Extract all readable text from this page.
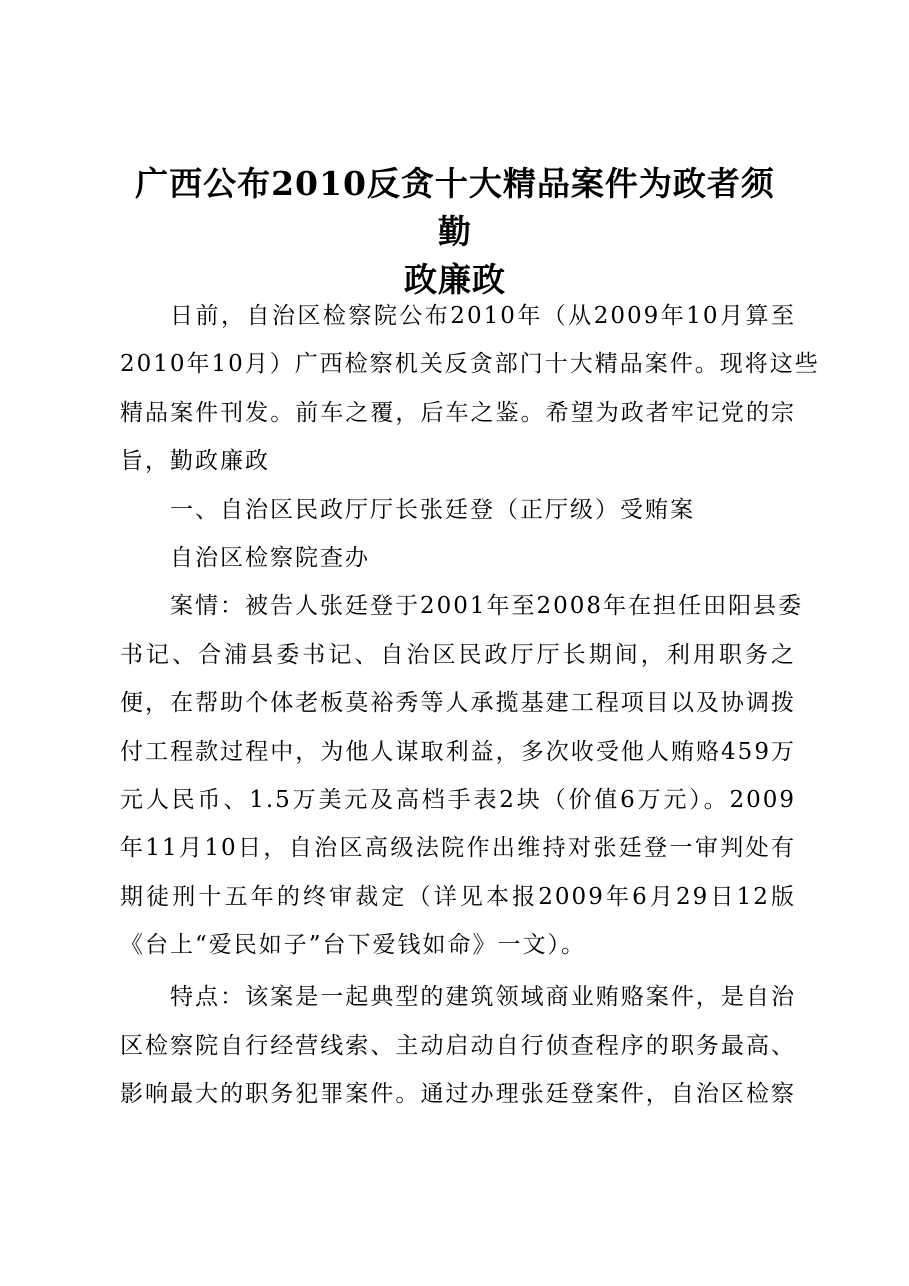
广西公布2010反贪十大精品案件为政者须勤
政廉政
日前，自治区检察院公布2010年（从2009年10月算至
2010年10月）广西检察机关反贪部门十大精品案件。现将这些
精品案件刊发。前车之覆，后车之鉴。希望为政者牢记党的宗
旨，勤政廉政
一、自治区民政厅厅长张廷登（正厅级）受贿案
自治区检察院查办
案情：被告人张廷登于2001年至2008年在担任田阳县委
书记、合浦县委书记、自治区民政厅厅长期间，利用职务之
便，在帮助个体老板莫裕秀等人承揽基建工程项目以及协调拨
付工程款过程中，为他人谋取利益，多次收受他人贿赂459万
元人民币、1.5万美元及高档手表2块（价值6万元）。2009
年11月10日，自治区高级法院作出维持对张廷登一审判处有
期徒刑十五年的终审裁定（详见本报2009年6月29日12版
《台上“爱民如子”台下爱钱如命》一文）。
特点：该案是一起典型的建筑领域商业贿赂案件，是自治
区检察院自行经营线索、主动启动自行侦查程序的职务最高、
影响最大的职务犯罪案件。通过办理张廷登案件，自治区检察
